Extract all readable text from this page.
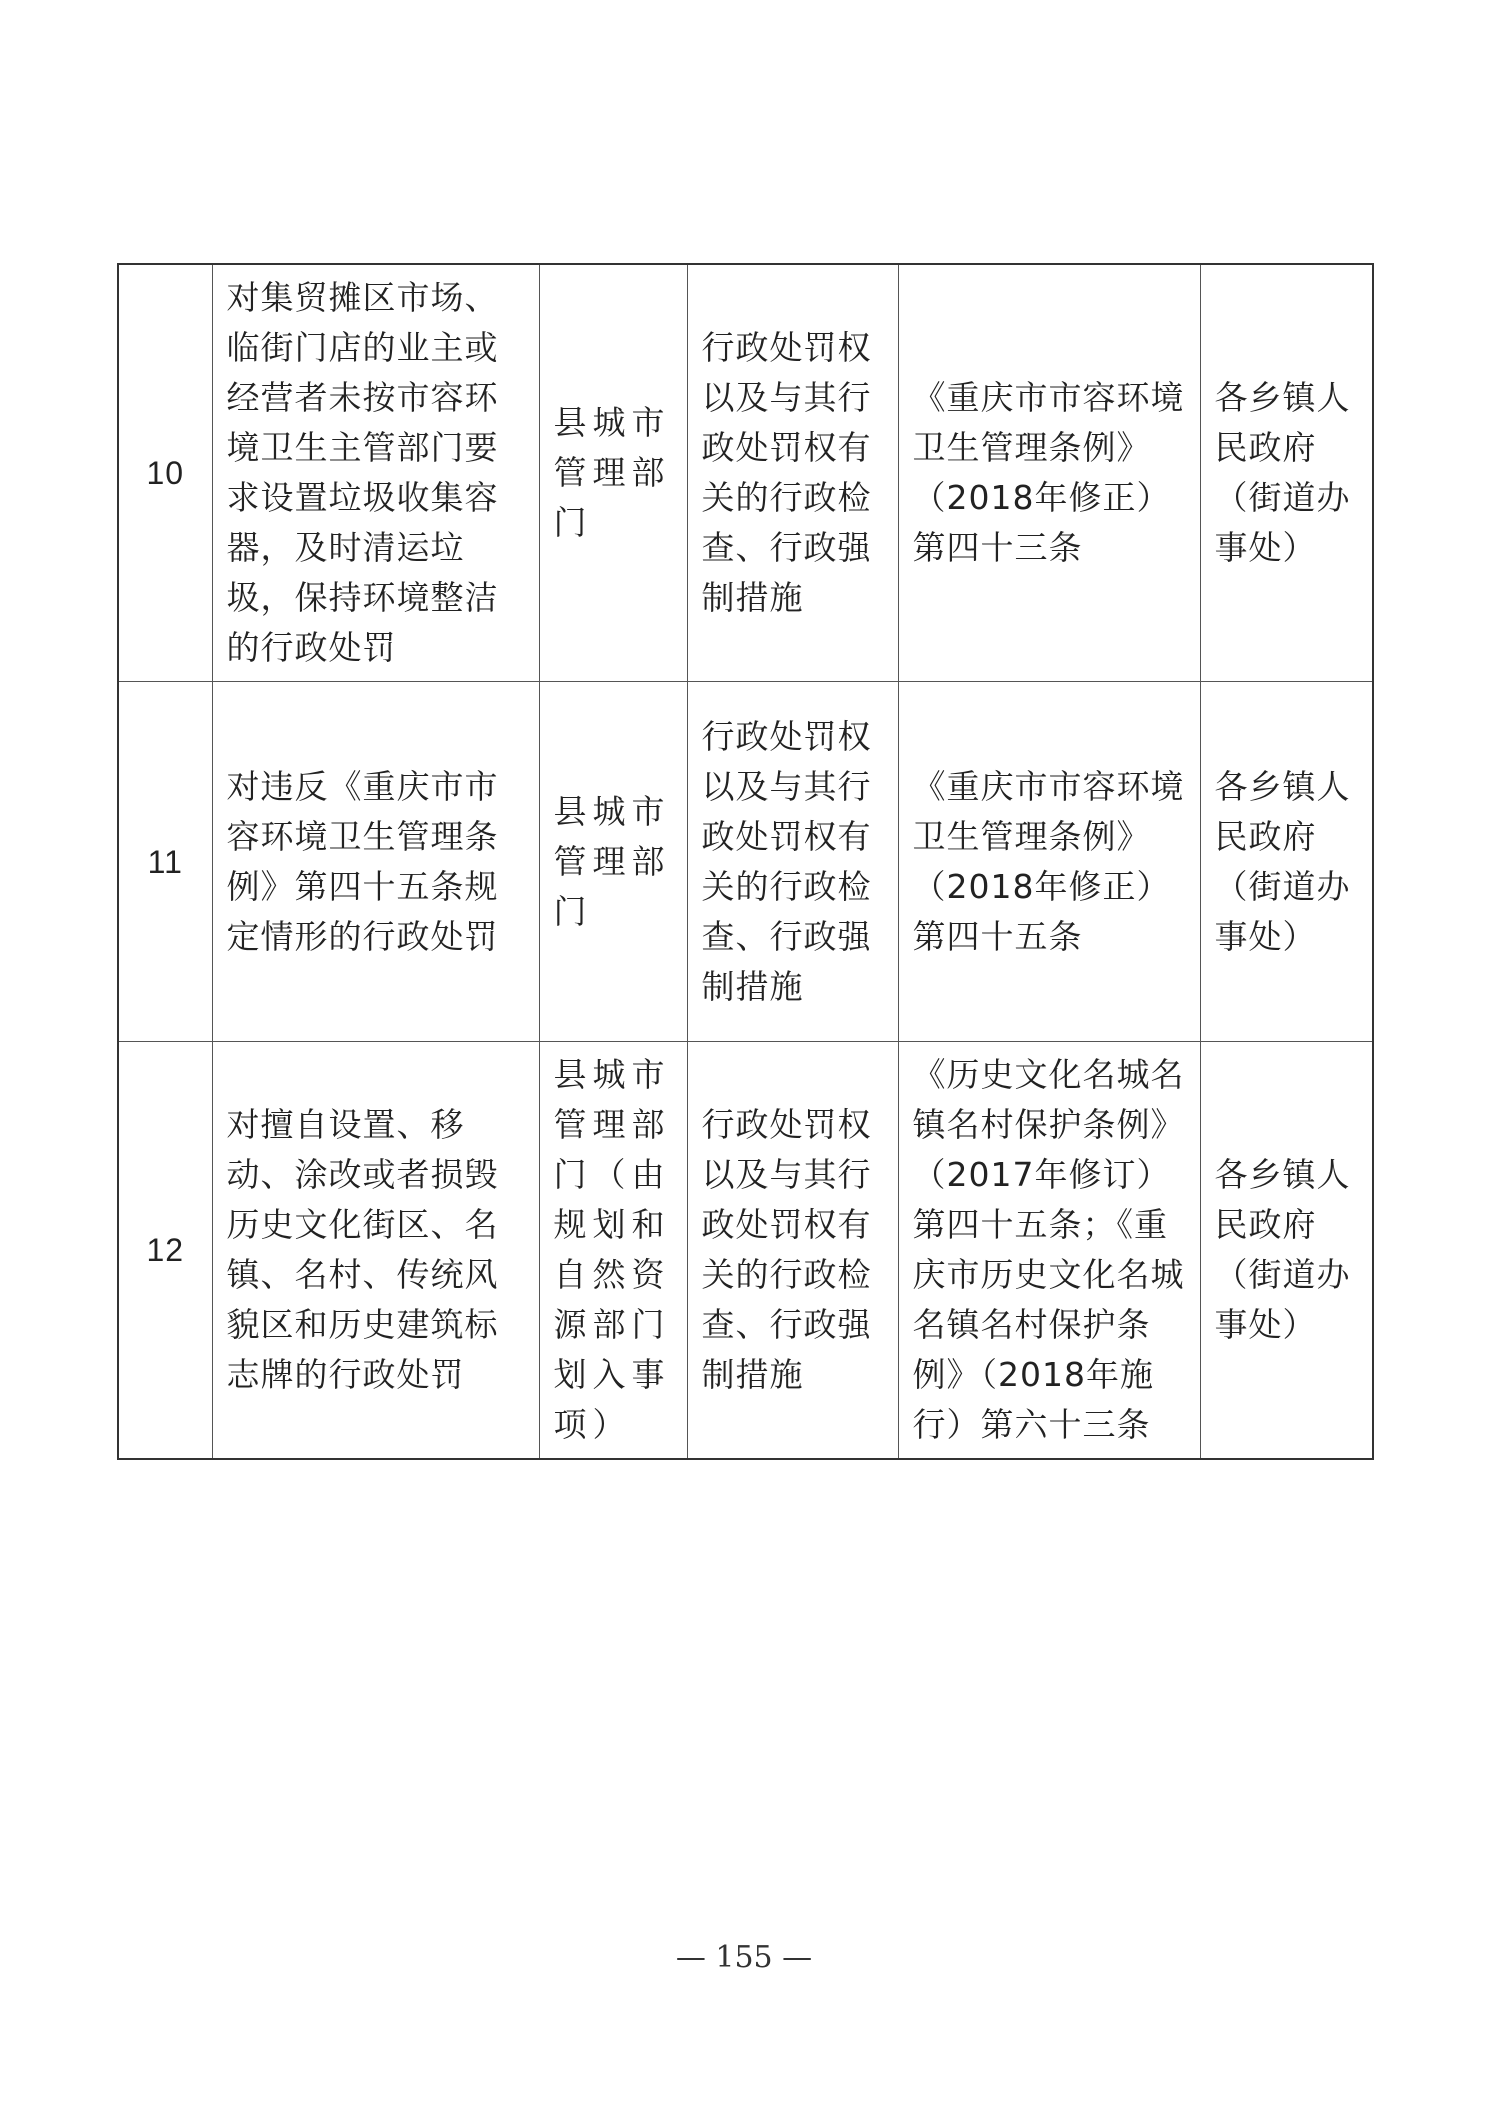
10	对集贸摊区市场、临街门店的业主或经营者未按市容环境卫生主管部门要求设置垃圾收集容器，及时清运垃圾，保持环境整洁的行政处罚	县城市管理部门	行政处罚权以及与其行政处罚权有关的行政检查、行政强制措施	《重庆市市容环境卫生管理条例》（2018年修正）第四十三条	各乡镇人民政府（街道办事处）
11	对违反《重庆市市容环境卫生管理条例》第四十五条规定情形的行政处罚	县城市管理部门	行政处罚权以及与其行政处罚权有关的行政检查、行政强制措施	《重庆市市容环境卫生管理条例》（2018年修正）第四十五条	各乡镇人民政府（街道办事处）
12	对擅自设置、移动、涂改或者损毁历史文化街区、名镇、名村、传统风貌区和历史建筑标志牌的行政处罚	县城市管理部门（由规划和自然资源部门划入事项）	行政处罚权以及与其行政处罚权有关的行政检查、行政强制措施	《历史文化名城名镇名村保护条例》（2017年修订）第四十五条；《重庆市历史文化名城名镇名村保护条例》（2018年施行）第六十三条	各乡镇人民政府（街道办事处）
— 155 —
